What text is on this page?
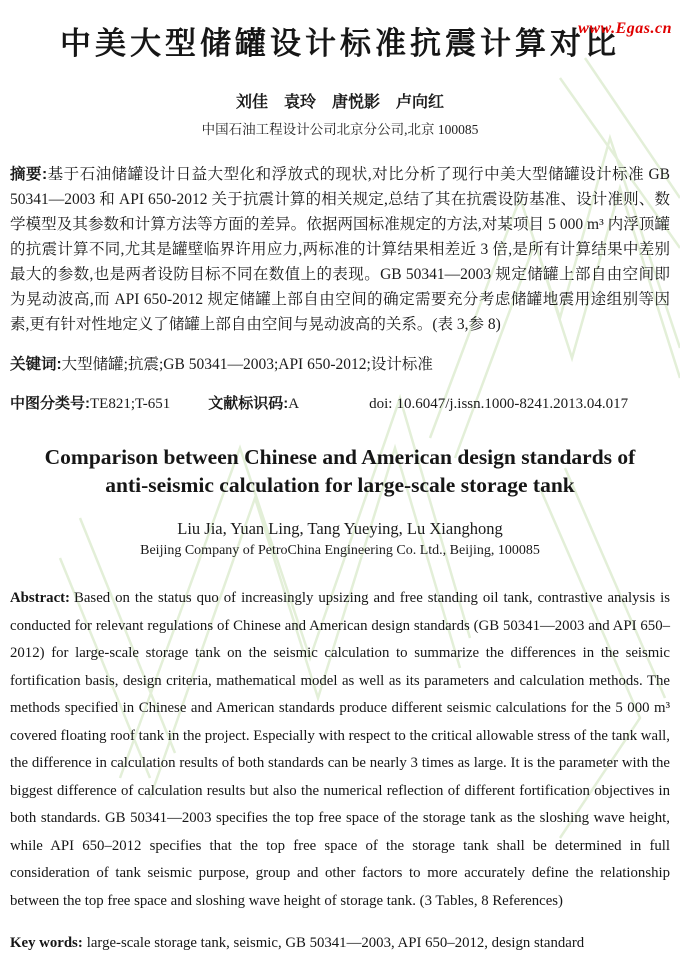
www.Egas.cn
中美大型储罐设计标准抗震计算对比
刘佳　袁玲　唐悦影　卢向红
中国石油工程设计公司北京分公司,北京 100085

摘要:基于石油储罐设计日益大型化和浮放式的现状,对比分析了现行中美大型储罐设计标准 GB 50341—2003 和 API 650-2012 关于抗震计算的相关规定,总结了其在抗震设防基准、设计准则、数学模型及其参数和计算方法等方面的差异。依据两国标准规定的方法,对某项目 5 000 m³ 内浮顶罐的抗震计算不同,尤其是罐壁临界许用应力,两标准的计算结果相差近 3 倍,是所有计算结果中差别最大的参数,也是两者设防目标不同在数值上的表现。GB 50341—2003 规定储罐上部自由空间即为晃动波高,而 API 650-2012 规定储罐上部自由空间的确定需要充分考虑储罐地震用途组别等因素,更有针对性地定义了储罐上部自由空间与晃动波高的关系。(表 3,参 8)

关键词:大型储罐;抗震;GB 50341—2003;API 650-2012;设计标准

中图分类号:TE821;T-651	文献标识码:A	doi: 10.6047/j.issn.1000-8241.2013.04.017

Comparison between Chinese and American design standards of anti-seismic calculation for large-scale storage tank
Liu Jia, Yuan Ling, Tang Yueying, Lu Xianghong
Beijing Company of PetroChina Engineering Co. Ltd., Beijing, 100085

Abstract: Based on the status quo of increasingly upsizing and free standing oil tank, contrastive analysis is conducted for relevant regulations of Chinese and American design standards (GB 50341—2003 and API 650–2012) for large-scale storage tank on the seismic calculation to summarize the differences in the seismic fortification basis, design criteria, mathematical model as well as its parameters and calculation methods. The methods specified in Chinese and American standards produce different seismic calculations for the 5 000 m³ covered floating roof tank in the project. Especially with respect to the critical allowable stress of the tank wall, the difference in calculation results of both standards can be nearly 3 times as large. It is the parameter with the biggest difference of calculation results but also the numerical reflection of different fortification objectives in both standards. GB 50341—2003 specifies the top free space of the storage tank as the sloshing wave height, while API 650–2012 specifies that the top free space of the storage tank shall be determined in full consideration of tank seismic purpose, group and other factors to more accurately define the relationship between the top free space and sloshing wave height of storage tank. (3 Tables, 8 References)

Key words: large-scale storage tank, seismic, GB 50341—2003, API 650–2012, design standard
